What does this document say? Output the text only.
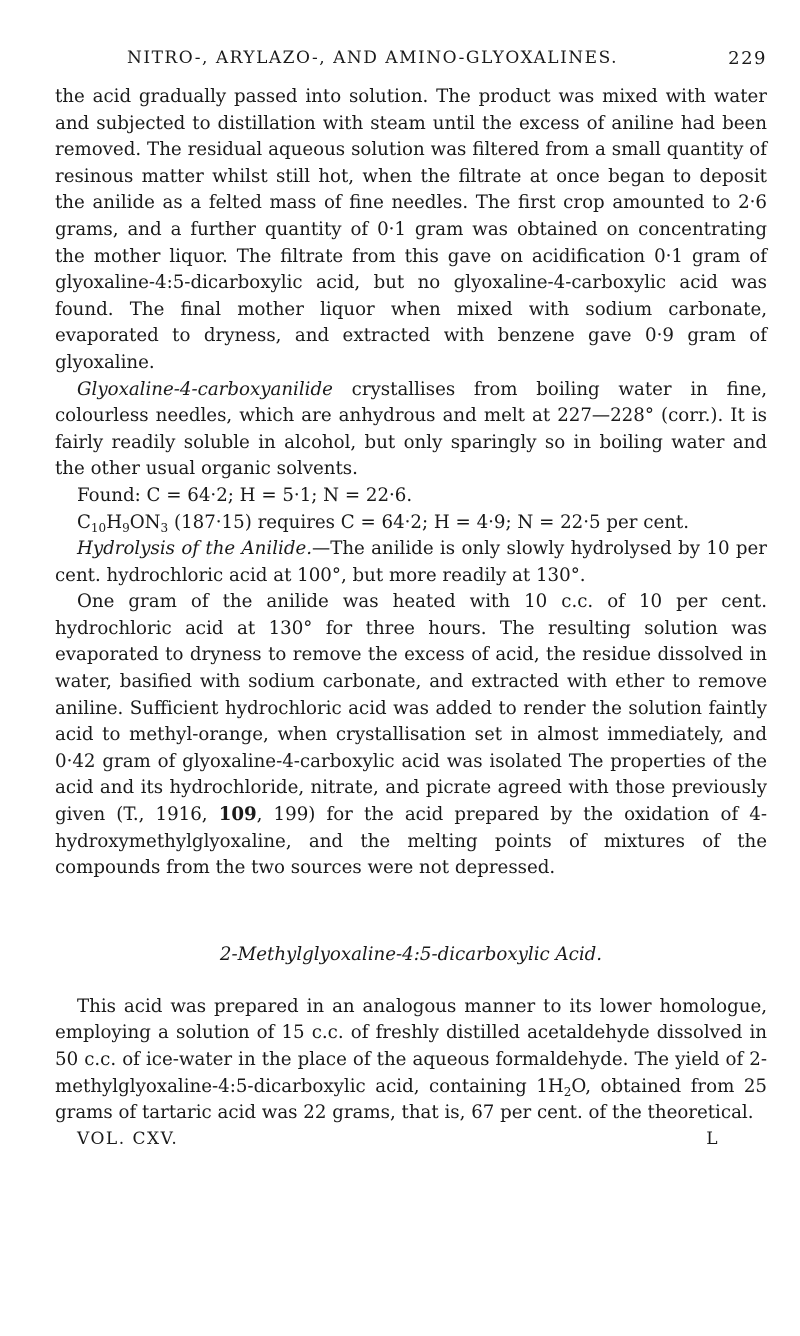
NITRO-, ARYLAZO-, AND AMINO-GLYOXALINES.	229

the acid gradually passed into solution. The product was mixed with water and subjected to distillation with steam until the excess of aniline had been removed. The residual aqueous solution was filtered from a small quantity of resinous matter whilst still hot, when the filtrate at once began to deposit the anilide as a felted mass of fine needles. The first crop amounted to 2·6 grams, and a further quantity of 0·1 gram was obtained on concentrating the mother liquor. The filtrate from this gave on acidification 0·1 gram of glyoxaline-4:5-dicarboxylic acid, but no glyoxaline-4-carboxylic acid was found. The final mother liquor when mixed with sodium carbonate, evaporated to dryness, and extracted with benzene gave 0·9 gram of glyoxaline.

Glyoxaline-4-carboxyanilide crystallises from boiling water in fine, colourless needles, which are anhydrous and melt at 227—228° (corr.). It is fairly readily soluble in alcohol, but only sparingly so in boiling water and the other usual organic solvents.

Found: C = 64·2; H = 5·1; N = 22·6.
$C_{10}H_9ON_3$ (187·15) requires C = 64·2; H = 4·9; N = 22·5 per cent.

Hydrolysis of the Anilide.—The anilide is only slowly hydrolysed by 10 per cent. hydrochloric acid at 100°, but more readily at 130°.

One gram of the anilide was heated with 10 c.c. of 10 per cent. hydrochloric acid at 130° for three hours. The resulting solution was evaporated to dryness to remove the excess of acid, the residue dissolved in water, basified with sodium carbonate, and extracted with ether to remove aniline. Sufficient hydrochloric acid was added to render the solution faintly acid to methyl-orange, when crystallisation set in almost immediately, and 0·42 gram of glyoxaline-4-carboxylic acid was isolated The properties of the acid and its hydrochloride, nitrate, and picrate agreed with those previously given (T., 1916, 109, 199) for the acid prepared by the oxidation of 4-hydroxymethylglyoxaline, and the melting points of mixtures of the compounds from the two sources were not depressed.

2-Methylglyoxaline-4:5-dicarboxylic Acid.

This acid was prepared in an analogous manner to its lower homologue, employing a solution of 15 c.c. of freshly distilled acetaldehyde dissolved in 50 c.c. of ice-water in the place of the aqueous formaldehyde. The yield of 2-methylglyoxaline-4:5-dicarboxylic acid, containing $1H_2O$, obtained from 25 grams of tartaric acid was 22 grams, that is, 67 per cent. of the theoretical.

VOL. CXV.	L
